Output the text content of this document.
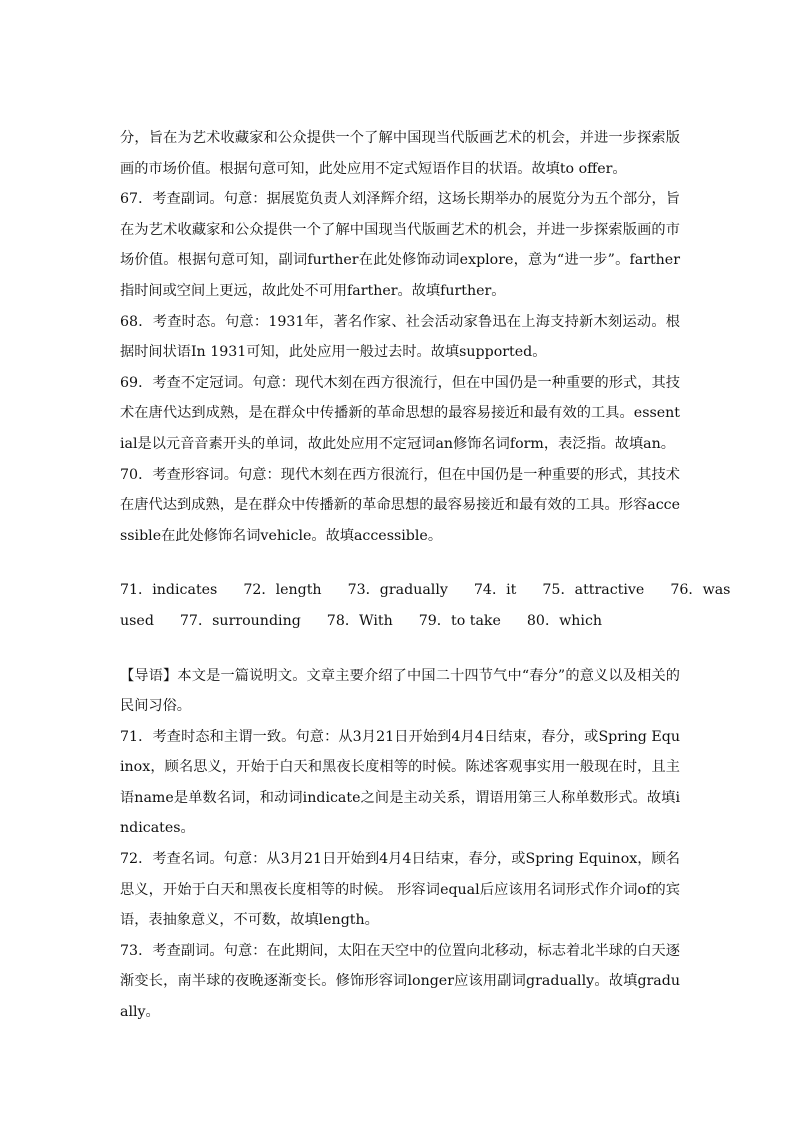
分，旨在为艺术收藏家和公众提供一个了解中国现当代版画艺术的机会，并进一步探索版画的市场价值。根据句意可知，此处应用不定式短语作目的状语。故填to offer。

67．考查副词。句意：据展览负责人刘泽辉介绍，这场长期举办的展览分为五个部分，旨在为艺术收藏家和公众提供一个了解中国现当代版画艺术的机会，并进一步探索版画的市场价值。根据句意可知，副词further在此处修饰动词explore，意为“进一步”。farther指时间或空间上更远，故此处不可用farther。故填further。

68．考查时态。句意：1931年，著名作家、社会活动家鲁迅在上海支持新木刻运动。根据时间状语In 1931可知，此处应用一般过去时。故填supported。

69．考查不定冠词。句意：现代木刻在西方很流行，但在中国仍是一种重要的形式，其技术在唐代达到成熟，是在群众中传播新的革命思想的最容易接近和最有效的工具。essential是以元音音素开头的单词，故此处应用不定冠词an修饰名词form，表泛指。故填an。

70．考查形容词。句意：现代木刻在西方很流行，但在中国仍是一种重要的形式，其技术在唐代达到成熟，是在群众中传播新的革命思想的最容易接近和最有效的工具。形容accessible在此处修饰名词vehicle。故填accessible。

71．indicates 72．length 73．gradually 74．it 75．attractive 76．was
used 77．surrounding 78．With 79．to take 80．which

【导语】本文是一篇说明文。文章主要介绍了中国二十四节气中“春分”的意义以及相关的民间习俗。

71．考查时态和主谓一致。句意：从3月21日开始到4月4日结束，春分，或Spring Equinox，顾名思义，开始于白天和黑夜长度相等的时候。陈述客观事实用一般现在时，且主语name是单数名词，和动词indicate之间是主动关系，谓语用第三人称单数形式。故填indicates。

72．考查名词。句意：从3月21日开始到4月4日结束，春分，或Spring Equinox，顾名思义，开始于白天和黑夜长度相等的时候。 形容词equal后应该用名词形式作介词of的宾语，表抽象意义，不可数，故填length。

73．考查副词。句意：在此期间，太阳在天空中的位置向北移动，标志着北半球的白天逐渐变长，南半球的夜晚逐渐变长。修饰形容词longer应该用副词gradually。故填gradually。
